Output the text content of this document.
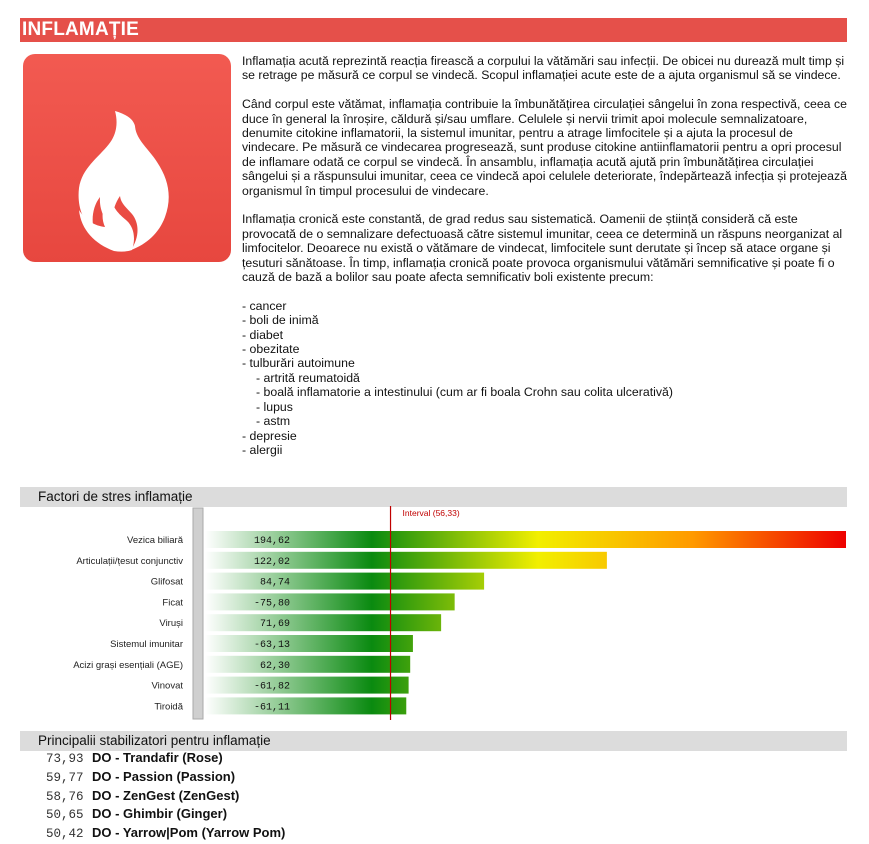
INFLAMAȚIE

Inflamația acută reprezintă reacția firească a corpului la vătămări sau infecții. De obicei nu durează mult timp și se retrage pe măsură ce corpul se vindecă. Scopul inflamației acute este de a ajuta organismul să se vindece.

Când corpul este vătămat, inflamația contribuie la îmbunătățirea circulației sângelui în zona respectivă, ceea ce duce în general la înroșire, căldură și/sau umflare. Celulele și nervii trimit apoi molecule semnalizatoare, denumite citokine inflamatorii, la sistemul imunitar, pentru a atrage limfocitele și a ajuta la procesul de vindecare. Pe măsură ce vindecarea progresează, sunt produse citokine antiinflamatorii pentru a opri procesul de inflamare odată ce corpul se vindecă. În ansamblu, inflamația acută ajută prin îmbunătățirea circulației sângelui și a răspunsului imunitar, ceea ce vindecă apoi celulele deteriorate, îndepărtează infecția și protejează organismul în timpul procesului de vindecare.

Inflamația cronică este constantă, de grad redus sau sistematică. Oamenii de știință consideră că este provocată de o semnalizare defectuoasă către sistemul imunitar, ceea ce determină un răspuns neorganizat al limfocitelor. Deoarece nu există o vătămare de vindecat, limfocitele sunt derutate și încep să atace organe și țesuturi sănătoase. În timp, inflamația cronică poate provoca organismului vătămări semnificative și poate fi o cauză de bază a bolilor sau poate afecta semnificativ boli existente precum:

- cancer
- boli de inimă
- diabet
- obezitate
- tulburări autoimune
- artrită reumatoidă
- boală inflamatorie a intestinului (cum ar fi boala Crohn sau colita ulcerativă)
- lupus
- astm
- depresie
- alergii
Factori de stres inflamație
Vezica biliară	194,62
Articulații/țesut conjunctiv	122,02
Glifosat	84,74
Ficat	-75,80
Viruși	71,69
Sistemul imunitar	-63,13
Acizi grași esențiali (AGE)	62,30
Vinovat	-61,82
Tiroidă	-61,11
Interval (56,33)
Principalii stabilizatori pentru inflamație
73,93 DO - Trandafir (Rose)
59,77 DO - Passion (Passion)
58,76 DO - ZenGest (ZenGest)
50,65 DO - Ghimbir (Ginger)
50,42 DO - Yarrow|Pom (Yarrow Pom)
